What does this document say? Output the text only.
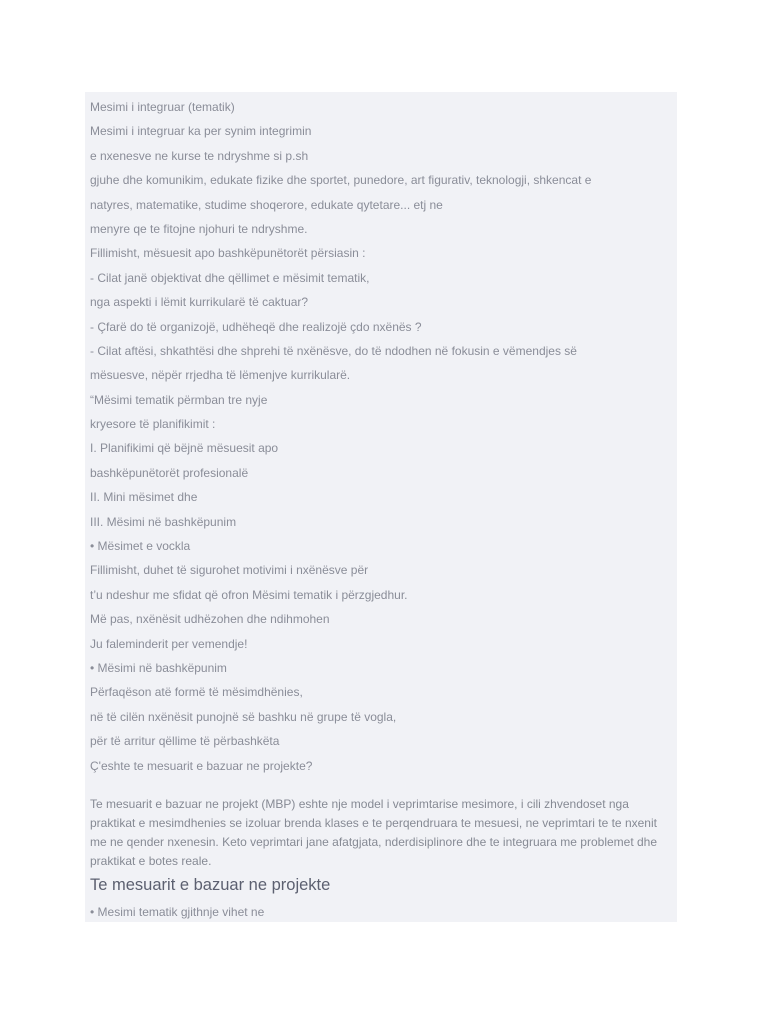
Mesimi i integruar (tematik)
Mesimi i integruar ka per synim integrimin
e nxenesve ne kurse te ndryshme si p.sh
gjuhe dhe komunikim, edukate fizike dhe sportet, punedore, art figurativ, teknologji, shkencat e
natyres, matematike, studime shoqerore, edukate qytetare... etj ne
menyre qe te fitojne njohuri te ndryshme.
Fillimisht, mësuesit apo bashkëpunëtorët përsiasin :
- Cilat janë objektivat dhe qëllimet e mësimit tematik,
nga aspekti i lëmit kurrikularë të caktuar?
- Çfarë do të organizojë, udhëheqë dhe realizojë çdo nxënës ?
- Cilat aftësi, shkathtësi dhe shprehi të nxënësve, do të ndodhen në fokusin e vëmendjes së
mësuesve, nëpër rrjedha të lëmenjve kurrikularë.
“Mësimi tematik përmban tre nyje
kryesore të planifikimit :
I. Planifikimi që bëjnë mësuesit apo
bashkëpunëtorët profesionalë
II. Mini mësimet dhe
III. Mësimi në bashkëpunim
• Mësimet e vockla
Fillimisht, duhet të sigurohet motivimi i nxënësve për
t’u ndeshur me sfidat që ofron Mësimi tematik i përzgjedhur.
Më pas, nxënësit udhëzohen dhe ndihmohen
Ju faleminderit per vemendje!
• Mësimi në bashkëpunim
Përfaqëson atë formë të mësimdhënies,
në të cilën nxënësit punojnë së bashku në grupe të vogla,
për të arritur qëllime të përbashkëta
Ç'eshte te mesuarit e bazuar ne projekte?

Te mesuarit e bazuar ne projekt (MBP) eshte nje model i veprimtarise mesimore, i cili zhvendoset nga praktikat e mesimdhenies se izoluar brenda klases e te perqendruara te mesuesi, ne veprimtari te te nxenit me ne qender nxenesin. Keto veprimtari jane afatgjata, nderdisiplinore dhe te integruara me problemet dhe praktikat e botes reale.

Te mesuarit e bazuar ne projekte

• Mesimi tematik gjithnje vihet ne
